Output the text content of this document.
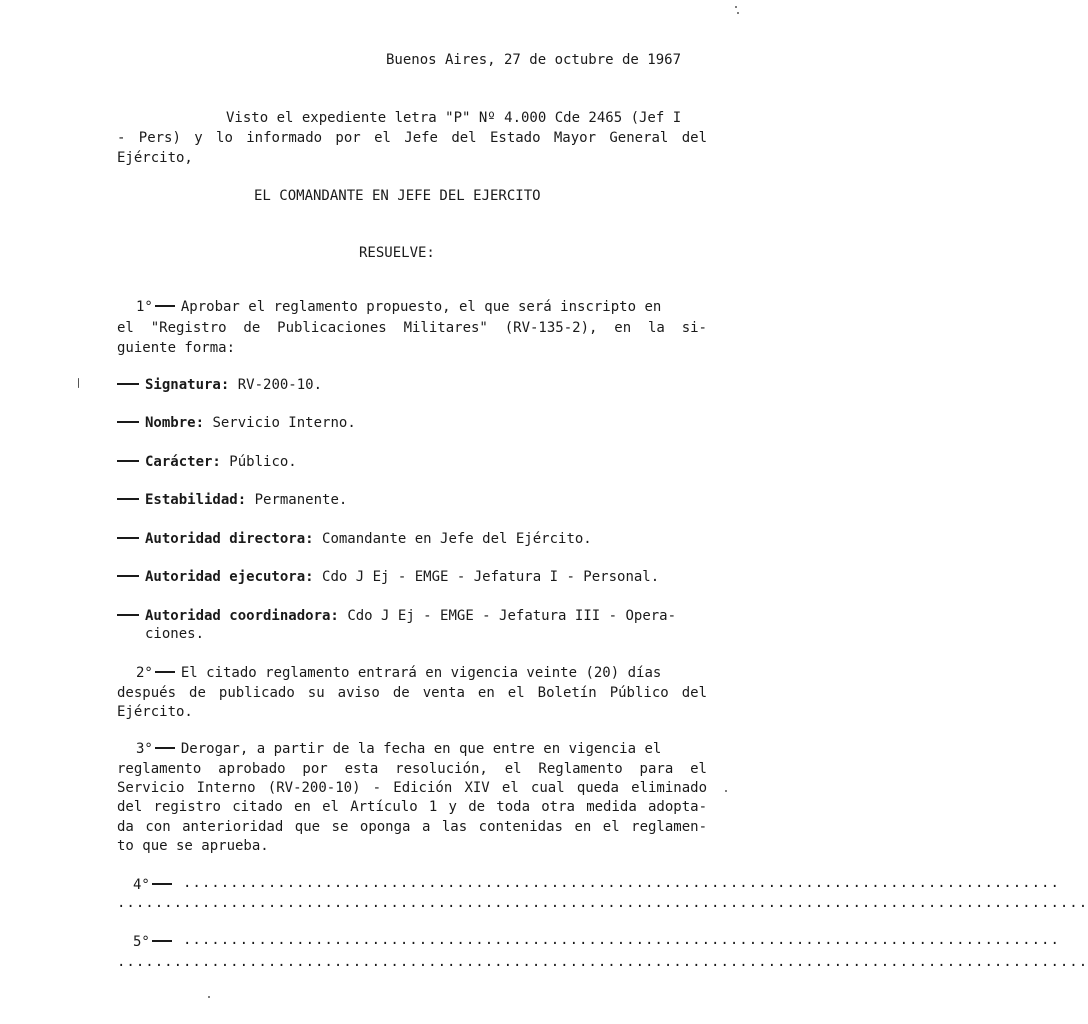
Buenos Aires, 27 de octubre de 1967
Visto el expediente letra "P" Nº 4.000 Cde 2465 (Jef I
- Pers) y lo informado por el Jefe del Estado Mayor General del
Ejército,
EL COMANDANTE EN JEFE DEL EJERCITO
RESUELVE:
1° Aprobar el reglamento propuesto, el que será inscripto en
el "Registro de Publicaciones Militares" (RV-135-2), en la si-
guiente forma:
Signatura: RV-200-10.
Nombre: Servicio Interno.
Carácter: Público.
Estabilidad: Permanente.
Autoridad directora: Comandante en Jefe del Ejército.
Autoridad ejecutora: Cdo J Ej - EMGE - Jefatura I - Personal.
Autoridad coordinadora: Cdo J Ej - EMGE - Jefatura III - Opera-
ciones.
2° El citado reglamento entrará en vigencia veinte (20) días
después de publicado su aviso de venta en el Boletín Público del
Ejército.
3° Derogar, a partir de la fecha en que entre en vigencia el
reglamento aprobado por esta resolución, el Reglamento para el
Servicio Interno (RV-200-10) - Edición XIV el cual queda eliminado
del registro citado en el Artículo 1 y de toda otra medida adopta-
da con anterioridad que se oponga a las contenidas en el reglamen-
to que se aprueba.
4°	.............................................................................................
.......................................................................................................
5°	.............................................................................................
.......................................................................................................
